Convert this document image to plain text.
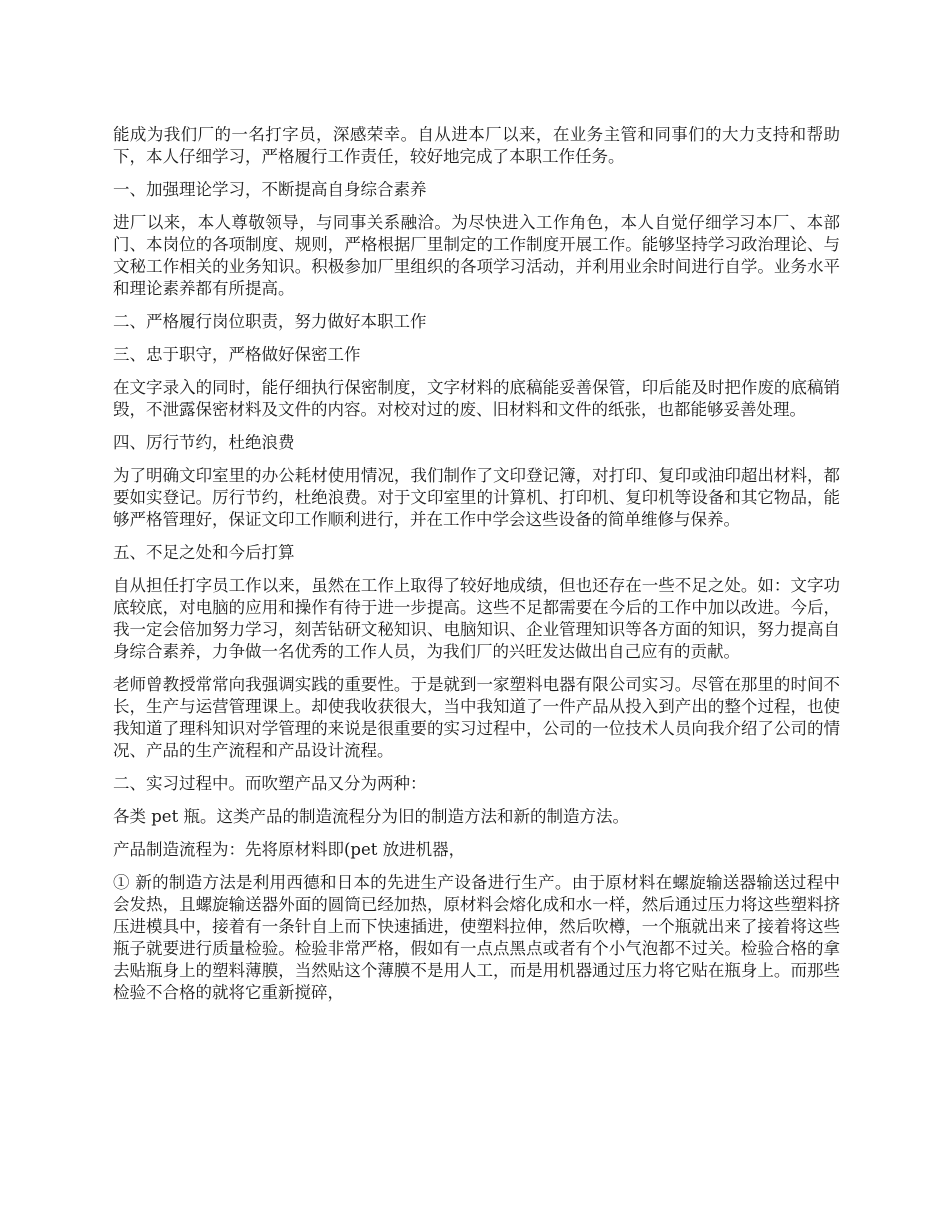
能成为我们厂的一名打字员，深感荣幸。自从进本厂以来，在业务主管和同事们的大力支持和帮助下，本人仔细学习，严格履行工作责任，较好地完成了本职工作任务。

一、加强理论学习，不断提高自身综合素养

进厂以来，本人尊敬领导，与同事关系融洽。为尽快进入工作角色，本人自觉仔细学习本厂、本部门、本岗位的各项制度、规则，严格根据厂里制定的工作制度开展工作。能够坚持学习政治理论、与文秘工作相关的业务知识。积极参加厂里组织的各项学习活动，并利用业余时间进行自学。业务水平和理论素养都有所提高。

二、严格履行岗位职责，努力做好本职工作

三、忠于职守，严格做好保密工作

在文字录入的同时，能仔细执行保密制度，文字材料的底稿能妥善保管，印后能及时把作废的底稿销毁，不泄露保密材料及文件的内容。对校对过的废、旧材料和文件的纸张，也都能够妥善处理。

四、厉行节约，杜绝浪费

为了明确文印室里的办公耗材使用情况，我们制作了文印登记簿，对打印、复印或油印超出材料，都要如实登记。厉行节约，杜绝浪费。对于文印室里的计算机、打印机、复印机等设备和其它物品，能够严格管理好，保证文印工作顺利进行，并在工作中学会这些设备的简单维修与保养。

五、不足之处和今后打算

自从担任打字员工作以来，虽然在工作上取得了较好地成绩，但也还存在一些不足之处。如：文字功底较底，对电脑的应用和操作有待于进一步提高。这些不足都需要在今后的工作中加以改进。今后，我一定会倍加努力学习，刻苦钻研文秘知识、电脑知识、企业管理知识等各方面的知识，努力提高自身综合素养，力争做一名优秀的工作人员，为我们厂的兴旺发达做出自己应有的贡献。

老师曾教授常常向我强调实践的重要性。于是就到一家塑料电器有限公司实习。尽管在那里的时间不长，生产与运营管理课上。却使我收获很大，当中我知道了一件产品从投入到产出的整个过程，也使我知道了理科知识对学管理的来说是很重要的实习过程中，公司的一位技术人员向我介绍了公司的情况、产品的生产流程和产品设计流程。

二、实习过程中。而吹塑产品又分为两种：

各类 pet 瓶。这类产品的制造流程分为旧的制造方法和新的制造方法。

产品制造流程为：先将原材料即(pet 放进机器，

① 新的制造方法是利用西德和日本的先进生产设备进行生产。由于原材料在螺旋输送器输送过程中会发热，且螺旋输送器外面的圆筒已经加热，原材料会熔化成和水一样，然后通过压力将这些塑料挤压进模具中，接着有一条针自上而下快速插进，使塑料拉伸，然后吹樽，一个瓶就出来了接着将这些瓶子就要进行质量检验。检验非常严格，假如有一点点黑点或者有个小气泡都不过关。检验合格的拿去贴瓶身上的塑料薄膜，当然贴这个薄膜不是用人工，而是用机器通过压力将它贴在瓶身上。而那些检验不合格的就将它重新搅碎，
